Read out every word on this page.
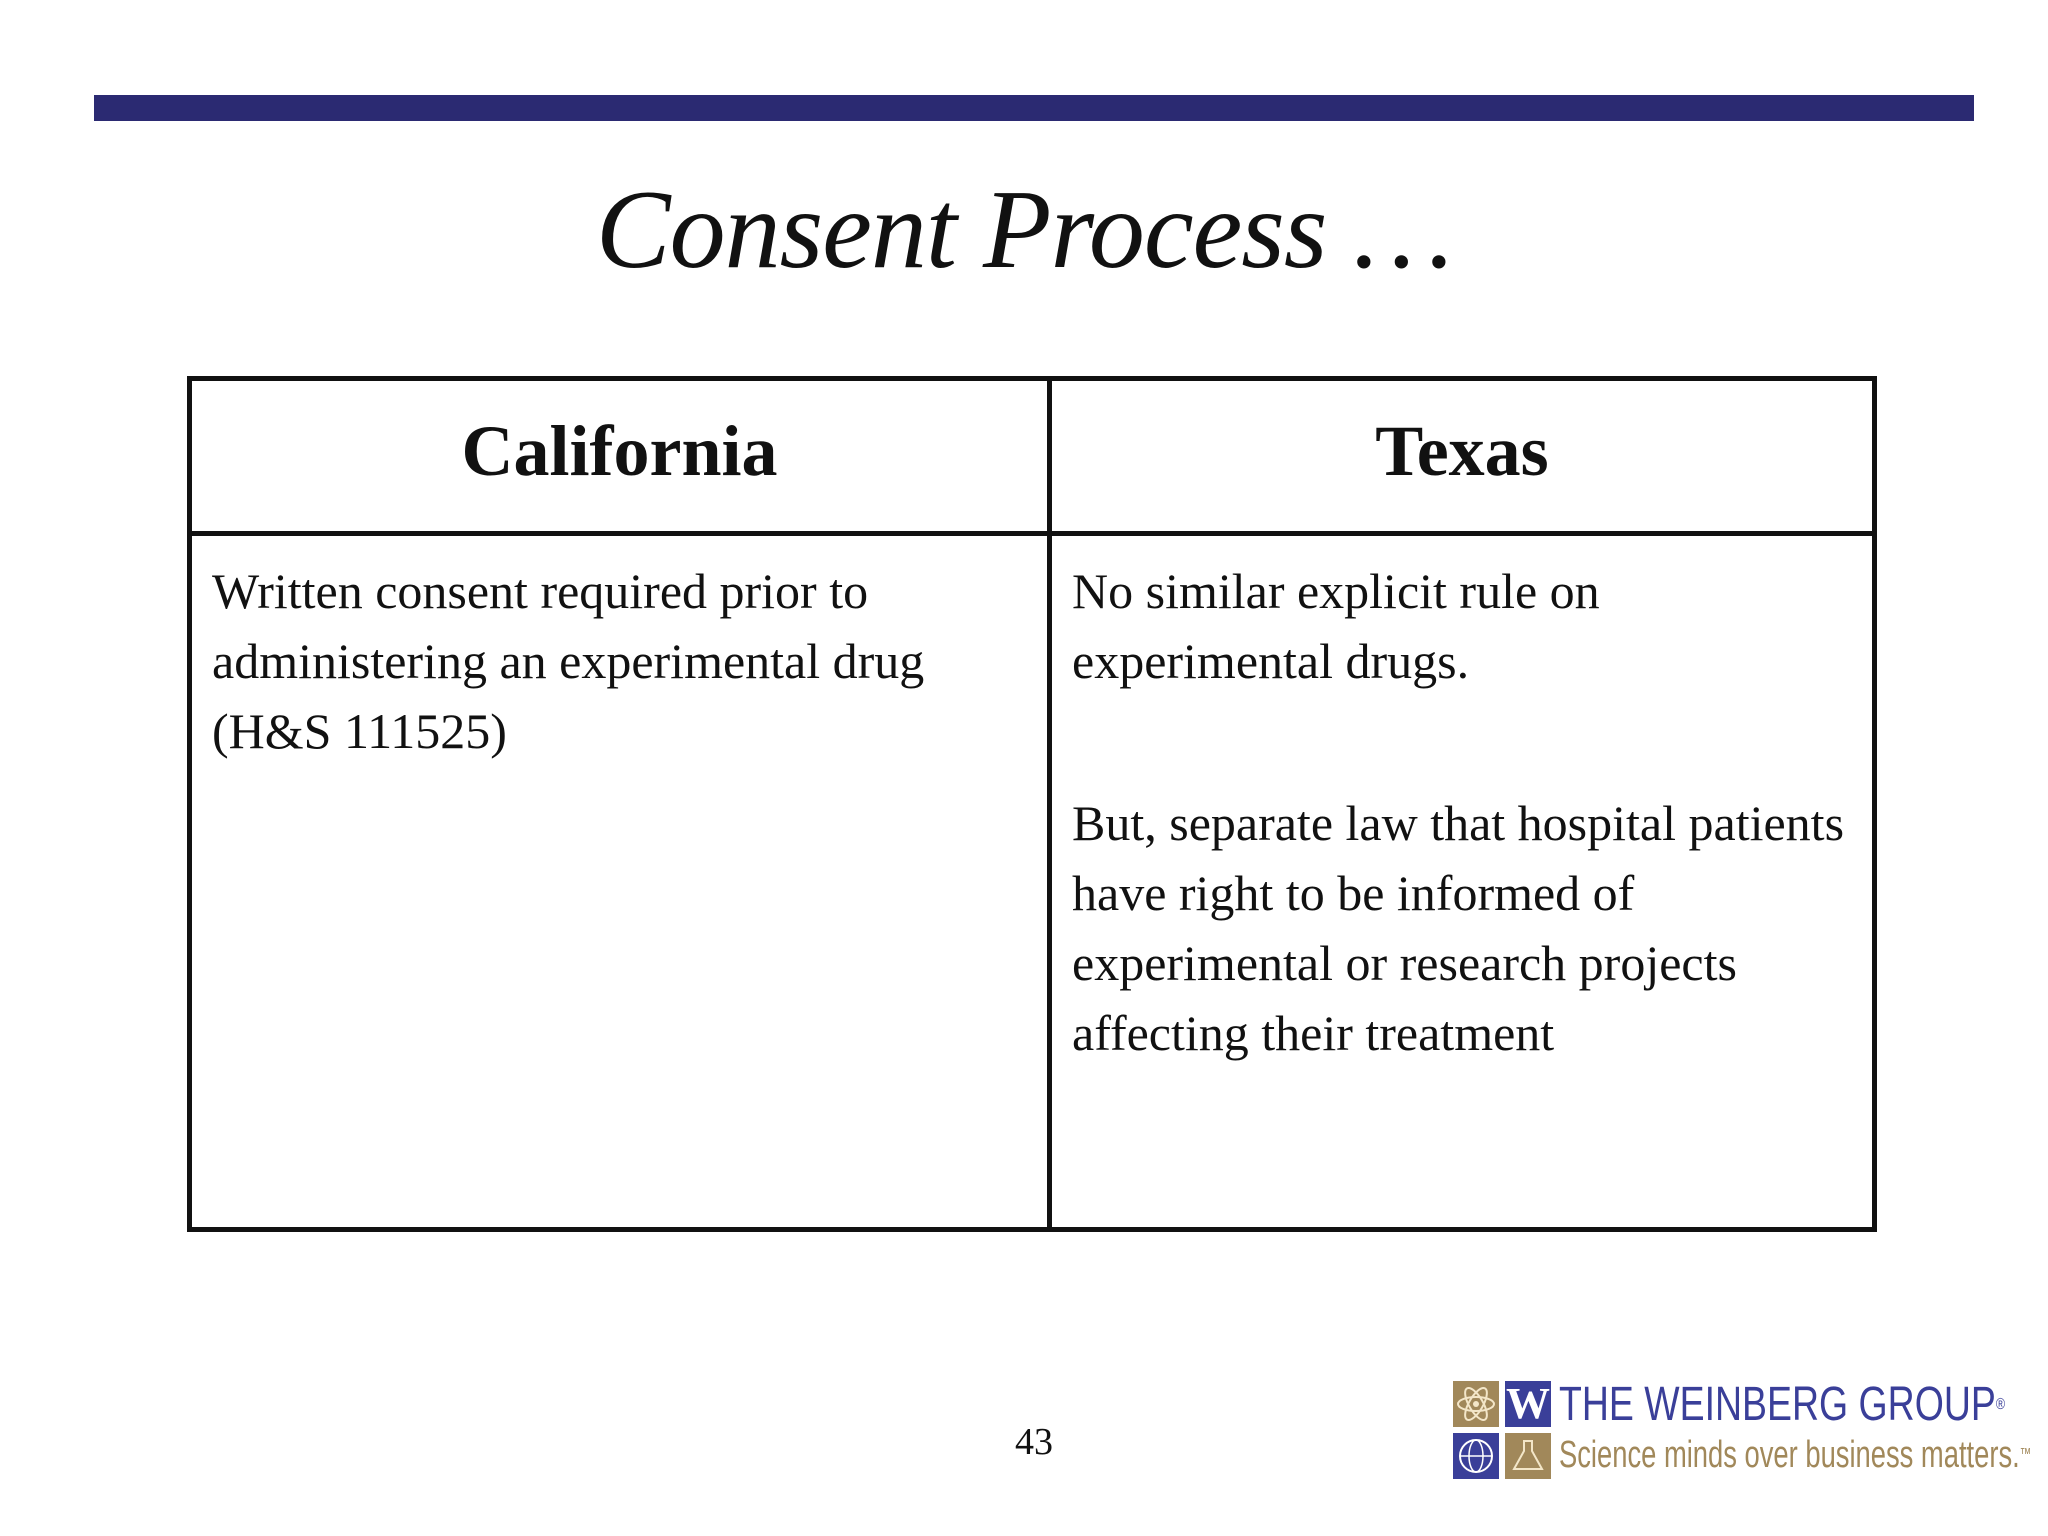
Consent Process …
California	Texas

Written consent required prior to administering an experimental drug (H&S 111525)

No similar explicit rule on experimental drugs.

But, separate law that hospital patients have right to be informed of experimental or research projects affecting their treatment

43
W THE WEINBERG GROUP®
Science minds over business matters.™
